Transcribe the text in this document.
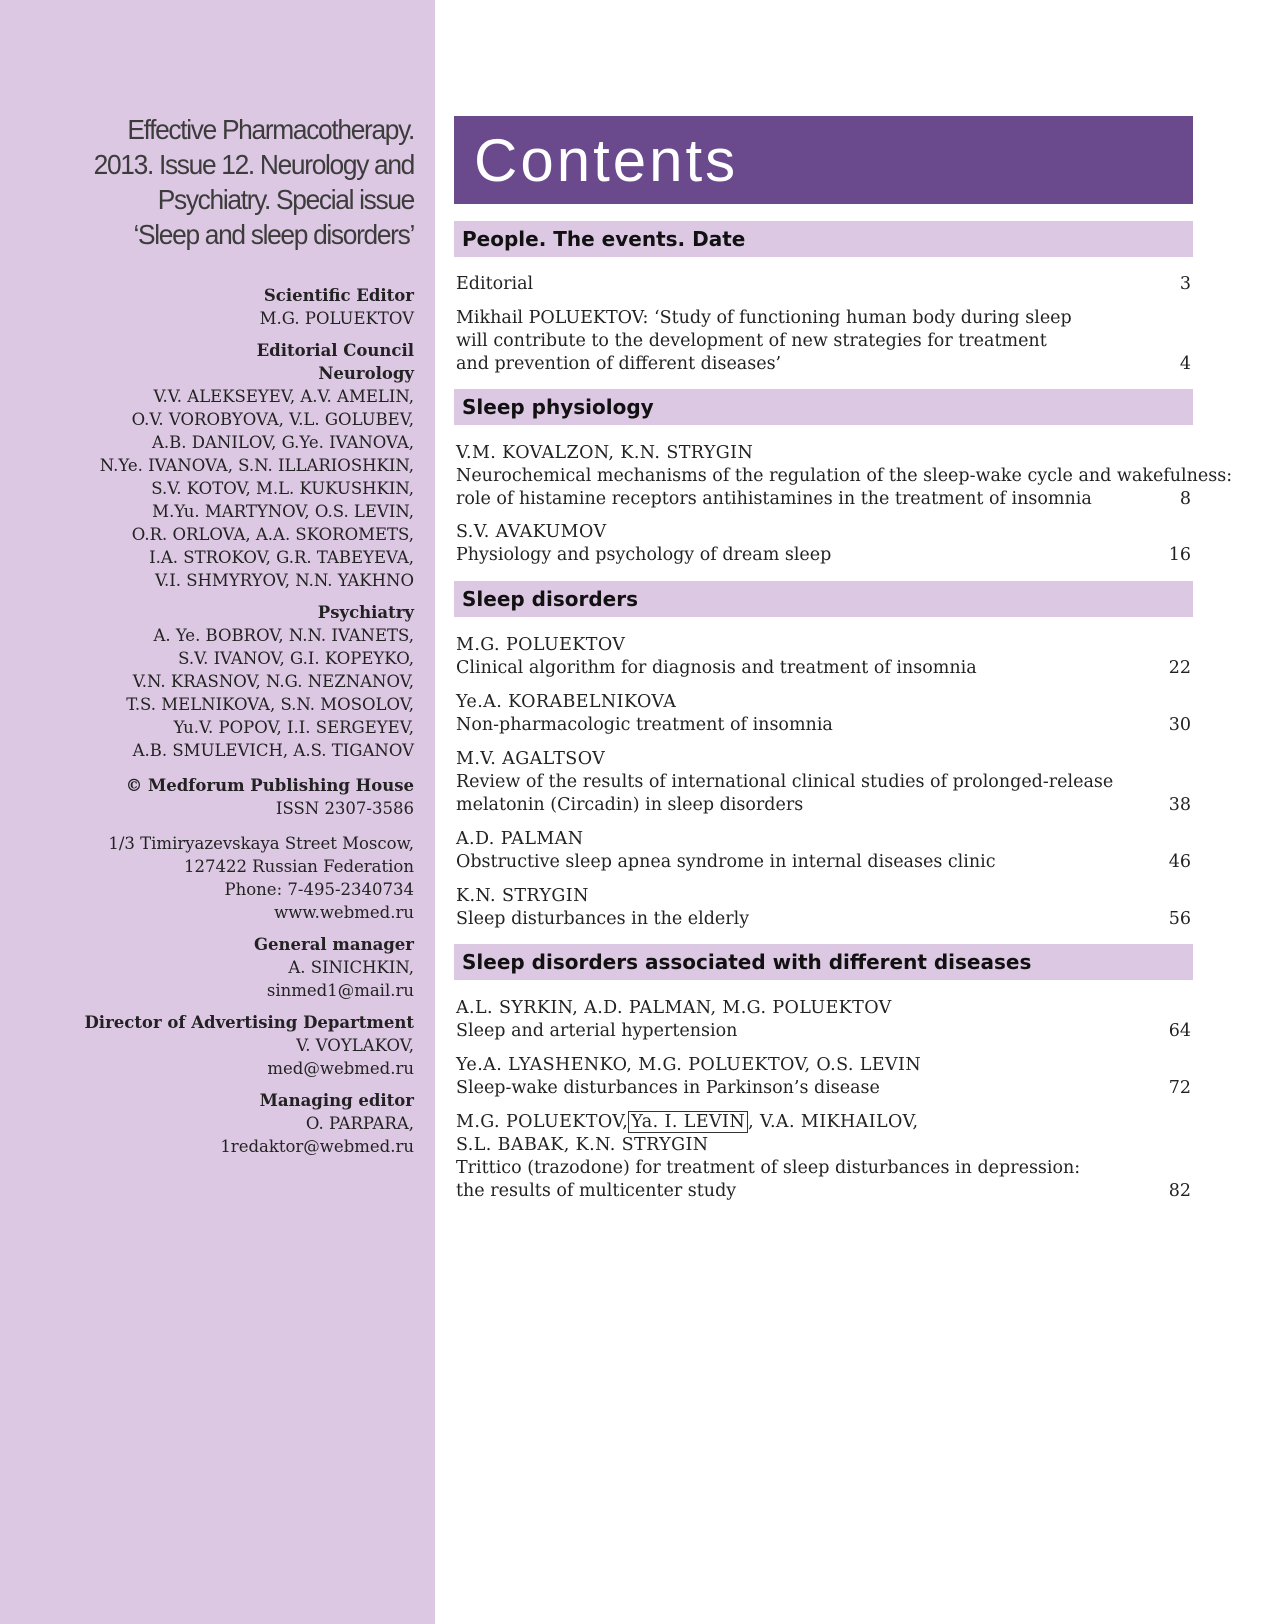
Effective Pharmacotherapy.
2013. Issue 12. Neurology and
Psychiatry. Special issue
‘Sleep and sleep disorders’
Scientific Editor
M.G. POLUEKTOV
Editorial Council
Neurology
V.V. ALEKSEYEV, A.V. AMELIN,
O.V. VOROBYOVA, V.L. GOLUBEV,
A.B. DANILOV, G.Ye. IVANOVA,
N.Ye. IVANOVA, S.N. ILLARIOSHKIN,
S.V. KOTOV, M.L. KUKUSHKIN,
M.Yu. MARTYNOV, O.S. LEVIN,
O.R. ORLOVA, A.A. SKOROMETS,
I.A. STROKOV, G.R. TABEYEVA,
V.I. SHMYRYOV, N.N. YAKHNO
Psychiatry
A. Ye. BOBROV, N.N. IVANETS,
S.V. IVANOV, G.I. KOPEYKO,
V.N. KRASNOV, N.G. NEZNANOV,
T.S. MELNIKOVA, S.N. MOSOLOV,
Yu.V. POPOV, I.I. SERGEYEV,
A.B. SMULEVICH, A.S. TIGANOV
© Medforum Publishing House
ISSN 2307-3586
1/3 Timiryazevskaya Street Moscow,
127422 Russian Federation
Phone: 7-495-2340734
www.webmed.ru
General manager
A. SINICHKIN,
sinmed1@mail.ru
Director of Advertising Department
V. VOYLAKOV,
med@webmed.ru
Managing editor
O. PARPARA,
1redaktor@webmed.ru
Contents
People. The events. Date
Editorial	3
Mikhail POLUEKTOV: ‘Study of functioning human body during sleep
will contribute to the development of new strategies for treatment
and prevention of different diseases’	4
Sleep physiology
V.M. KOVALZON, K.N. STRYGIN
Neurochemical mechanisms of the regulation of the sleep-wake cycle and wakefulness:
role of histamine receptors antihistamines in the treatment of insomnia	8
S.V. AVAKUMOV
Physiology and psychology of dream sleep	16
Sleep disorders
M.G. POLUEKTOV
Clinical algorithm for diagnosis and treatment of insomnia	22
Ye.A. KORABELNIKOVA
Non-pharmacologic treatment of insomnia	30
M.V. AGALTSOV
Review of the results of international clinical studies of prolonged-release
melatonin (Circadin) in sleep disorders	38
A.D. PALMAN
Obstructive sleep apnea syndrome in internal diseases clinic	46
K.N. STRYGIN
Sleep disturbances in the elderly	56
Sleep disorders associated with different diseases
A.L. SYRKIN, A.D. PALMAN, M.G. POLUEKTOV
Sleep and arterial hypertension	64
Ye.A. LYASHENKO, M.G. POLUEKTOV, O.S. LEVIN
Sleep-wake disturbances in Parkinson’s disease	72
M.G. POLUEKTOV, Ya. I. LEVIN , V.A. MIKHAILOV,
S.L. BABAK, K.N. STRYGIN
Trittico (trazodone) for treatment of sleep disturbances in depression:
the results of multicenter study	82
